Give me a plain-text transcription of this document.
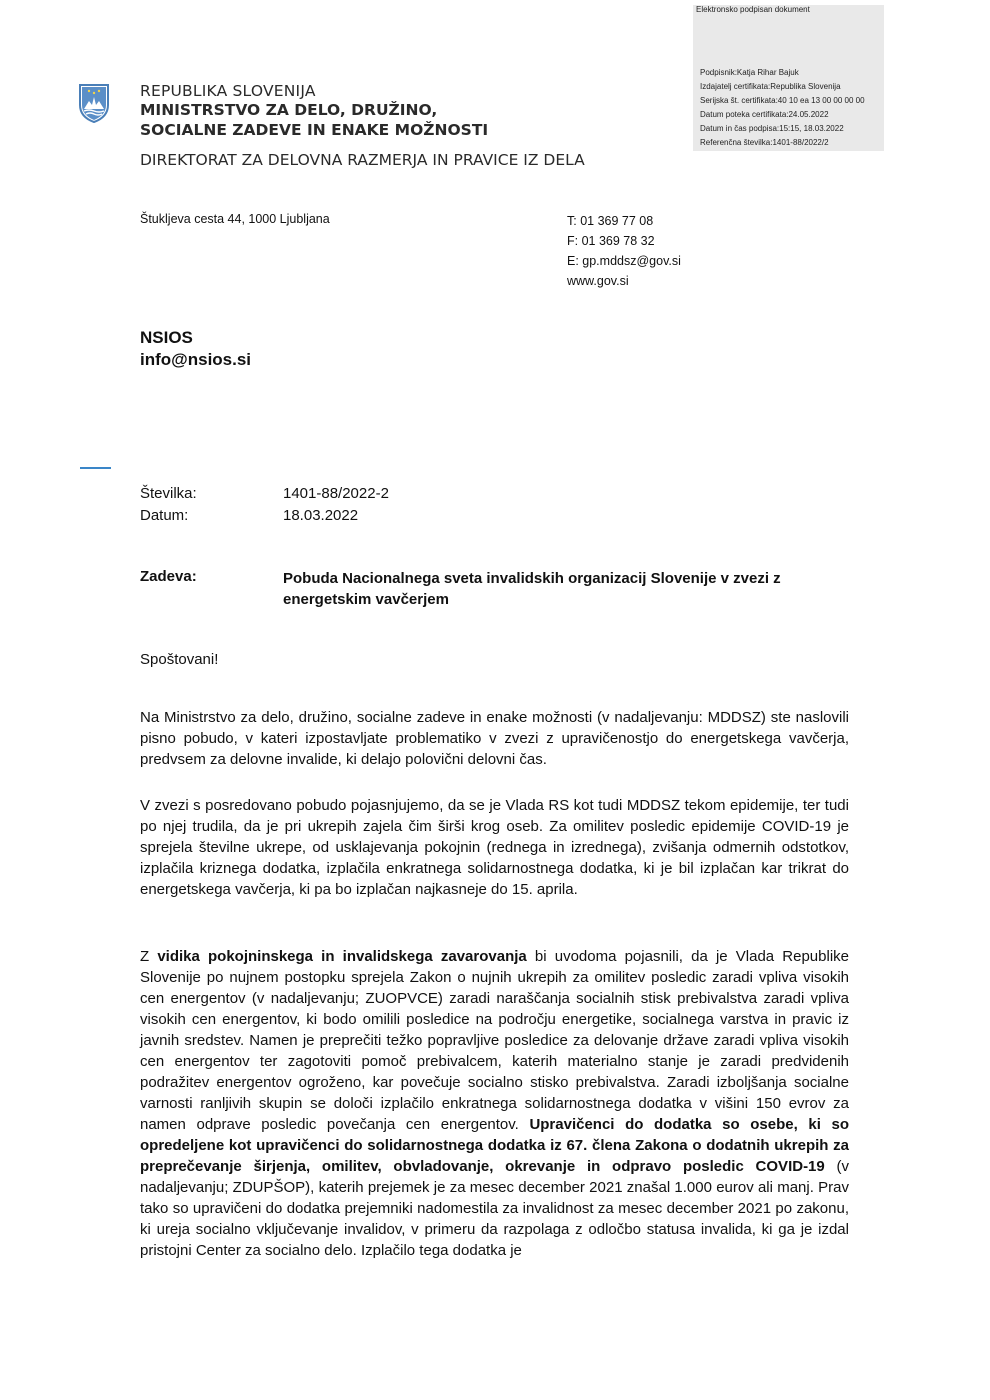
Elektronsko podpisan dokument
Podpisnik:Katja Rihar Bajuk
Izdajatelj certifikata:Republika Slovenija
Serijska št. certifikata:40 10 ea 13 00 00 00 00
Datum poteka certifikata:24.05.2022
Datum in čas podpisa:15:15, 18.03.2022
Referenčna številka:1401-88/2022/2
REPUBLIKA SLOVENIJA
MINISTRSTVO ZA DELO, DRUŽINO,
SOCIALNE ZADEVE IN ENAKE MOŽNOSTI
DIREKTORAT ZA DELOVNA RAZMERJA IN PRAVICE IZ DELA
Štukljeva cesta 44, 1000 Ljubljana	T: 01 369 77 08
F: 01 369 78 32
E: gp.mddsz@gov.si
www.gov.si
NSIOS
info@nsios.si
Številka:	1401-88/2022-2
Datum:	18.03.2022
Zadeva:	Pobuda Nacionalnega sveta invalidskih organizacij Slovenije v zvezi z energetskim vavčerjem
Spoštovani!
Na Ministrstvo za delo, družino, socialne zadeve in enake možnosti (v nadaljevanju: MDDSZ) ste naslovili pisno pobudo, v kateri izpostavljate problematiko v zvezi z upravičenostjo do energetskega vavčerja, predvsem za delovne invalide, ki delajo polovični delovni čas.
V zvezi s posredovano pobudo pojasnjujemo, da se je Vlada RS kot tudi MDDSZ tekom epidemije, ter tudi po njej trudila, da je pri ukrepih zajela čim širši krog oseb. Za omilitev posledic epidemije COVID-19 je sprejela številne ukrepe, od usklajevanja pokojnin (rednega in izrednega), zvišanja odmernih odstotkov, izplačila kriznega dodatka, izplačila enkratnega solidarnostnega dodatka, ki je bil izplačan kar trikrat do energetskega vavčerja, ki pa bo izplačan najkasneje do 15. aprila.
Z vidika pokojninskega in invalidskega zavarovanja bi uvodoma pojasnili, da je Vlada Republike Slovenije po nujnem postopku sprejela Zakon o nujnih ukrepih za omilitev posledic zaradi vpliva visokih cen energentov (v nadaljevanju; ZUOPVCE) zaradi naraščanja socialnih stisk prebivalstva zaradi vpliva visokih cen energentov, ki bodo omilili posledice na področju energetike, socialnega varstva in pravic iz javnih sredstev. Namen je preprečiti težko popravljive posledice za delovanje države zaradi vpliva visokih cen energentov ter zagotoviti pomoč prebivalcem, katerih materialno stanje je zaradi predvidenih podražitev energentov ogroženo, kar povečuje socialno stisko prebivalstva. Zaradi izboljšanja socialne varnosti ranljivih skupin se določi izplačilo enkratnega solidarnostnega dodatka v višini 150 evrov za namen odprave posledic povečanja cen energentov. Upravičenci do dodatka so osebe, ki so opredeljene kot upravičenci do solidarnostnega dodatka iz 67. člena Zakona o dodatnih ukrepih za preprečevanje širjenja, omilitev, obvladovanje, okrevanje in odpravo posledic COVID-19 (v nadaljevanju; ZDUPŠOP), katerih prejemek je za mesec december 2021 znašal 1.000 eurov ali manj. Prav tako so upravičeni do dodatka prejemniki nadomestila za invalidnost za mesec december 2021 po zakonu, ki ureja socialno vključevanje invalidov, v primeru da razpolaga z odločbo statusa invalida, ki ga je izdal pristojni Center za socialno delo. Izplačilo tega dodatka je
